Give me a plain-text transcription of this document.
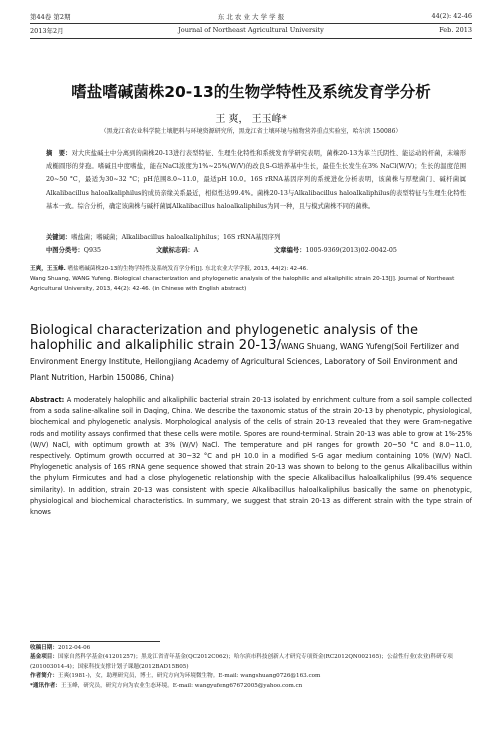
第44卷 第2期	东 北 农 业 大 学 学 报	44(2): 42-46
2013年2月	Journal of Northeast Agricultural University	Feb. 2013
嗜盐嗜碱菌株20-13的生物学特性及系统发育学分析
王 爽， 王玉峰*
（黑龙江省农业科学院土壤肥料与环境资源研究所，黑龙江省土壤环境与植物营养重点实验室，哈尔滨 150086）
摘　要：对大庆盐碱土中分离到的菌株20-13进行表型特征、生理生化特性和系统发育学研究表明，菌株20-13为革兰氏阴性、能运动的杆菌，末端形成椭圆形的芽孢。嗜碱且中度嗜盐，能在NaCl浓度为1%~25%(W/V)的改良S-G培养基中生长，最佳生长发生在3% NaCl(W/V)；生长的温度范围20~50 °C，最适为30~32 °C；pH范围8.0~11.0，最适pH 10.0。16S rRNA基因序列的系统进化分析表明，该菌株与厚壁菌门、碱杆菌属Alkalibacillus haloalkaliphilus的成员亲缘关系最近，相似性达99.4%。菌株20-13与Alkalibacillus haloalkaliphilus的表型特征与生理生化特性基本一致。综合分析，确定该菌株与碱杆菌属Alkalibacillus haloalkaliphilus为同一种，且与模式菌株不同的菌株。
关键词：嗜盐菌；嗜碱菌；Alkalibacillus haloalkaliphilus；16S rRNA基因序列
中图分类号：Q935	文献标志码：A	文章编号：1005-9369(2013)02-0042-05
王爽，王玉峰. 嗜盐嗜碱菌株20-13的生物学特性及系统发育学分析[J]. 东北农业大学学报, 2013, 44(2): 42-46.
Wang Shuang, WANG Yufeng. Biological characterization and phylogenetic analysis of the halophilic and alkaliphilic strain 20-13[J]. Journal of Northeast Agricultural University, 2013, 44(2): 42-46. (in Chinese with English abstract)
Biological characterization and phylogenetic analysis of the halophilic and alkaliphilic strain 20-13/WANG Shuang, WANG Yufeng(Soil Fertilizer and Environment Energy Institute, Heilongjiang Academy of Agricultural Sciences, Laboratory of Soil Environment and Plant Nutrition, Harbin 150086, China)
Abstract: A moderately halophilic and alkaliphilic bacterial strain 20-13 isolated by enrichment culture from a soil sample collected from a soda saline-alkaline soil in Daqing, China. We describe the taxonomic status of the strain 20-13 by phenotypic, physiological, biochemical and phylogenetic analysis. Morphological analysis of the cells of strain 20-13 revealed that they were Gram-negative rods and motility assays confirmed that these cells were motile. Spores are round-terminal. Strain 20-13 was able to grow at 1%-25% (W/V) NaCl, with optimum growth at 3% (W/V) NaCl. The temperature and pH ranges for growth 20~50 °C and 8.0~11.0, respectively. Optimum growth occurred at 30~32 °C and pH 10.0 in a modified S-G agar medium containing 10% (W/V) NaCl. Phylogenetic analysis of 16S rRNA gene sequence showed that strain 20-13 was shown to belong to the genus Alkalibacillus within the phylum Firmicutes and had a close phylogenetic relationship with the specie Alkalibacillus haloalkaliphilus (99.4% sequence similarity). In addition, strain 20-13 was consistent with specie Alkalibacillus haloalkaliphilus basically the same on phenotypic, physiological and biochemical characteristics. In summary, we suggest that strain 20-13 as different strain with the type strain of knows
收稿日期：2012-04-06
基金项目：国家自然科学基金(41201257)；黑龙江省青年基金(QC2012C062)；哈尔滨市科技创新人才研究专项资金(RC2012QN002165)；公益性行业(农业)科研专项(201003014-4)；国家科技支撑计划子课题(2012BAD15B05)
作者简介：王爽(1981-)，女，助理研究员，博士，研究方向为环境微生物。E-mail: wangshuang0726@163.com
*通讯作者：王玉峰，研究员，研究方向为农业生态环境。E-mail: wangyufeng67672005@yahoo.com.cn
